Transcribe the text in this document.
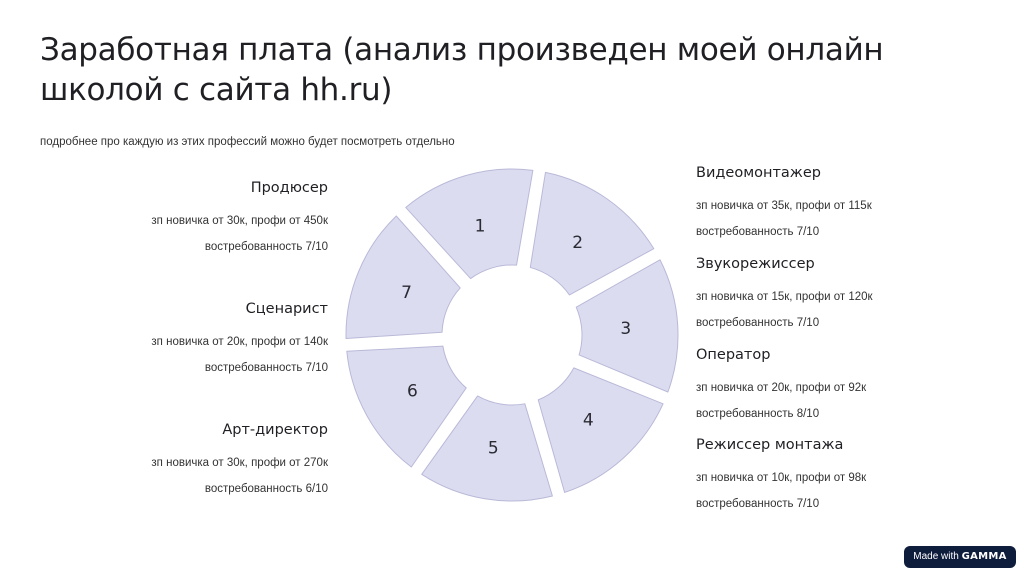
Заработная плата (анализ произведен моей онлайн школой с сайта hh.ru)
подробнее про каждую из этих профессий можно будет посмотреть отдельно
Продюсер
зп новичка от 30к, профи от 450к
востребованность 7/10
Сценарист
зп новичка от 20к, профи от 140к
востребованность 7/10
Арт-директор
зп новичка от 30к, профи от 270к
востребованность 6/10
Видеомонтажер
зп новичка от 35к, профи от 115к
востребованность 7/10
Звукорежиссер
зп новичка от 15к, профи от 120к
востребованность 7/10
Оператор
зп новичка от 20к, профи от 92к
востребованность 8/10
Режиссер монтажа
зп новичка от 10к, профи от 98к
востребованность 7/10
1
2
3
4
5
6
7
Made with GAMMA
